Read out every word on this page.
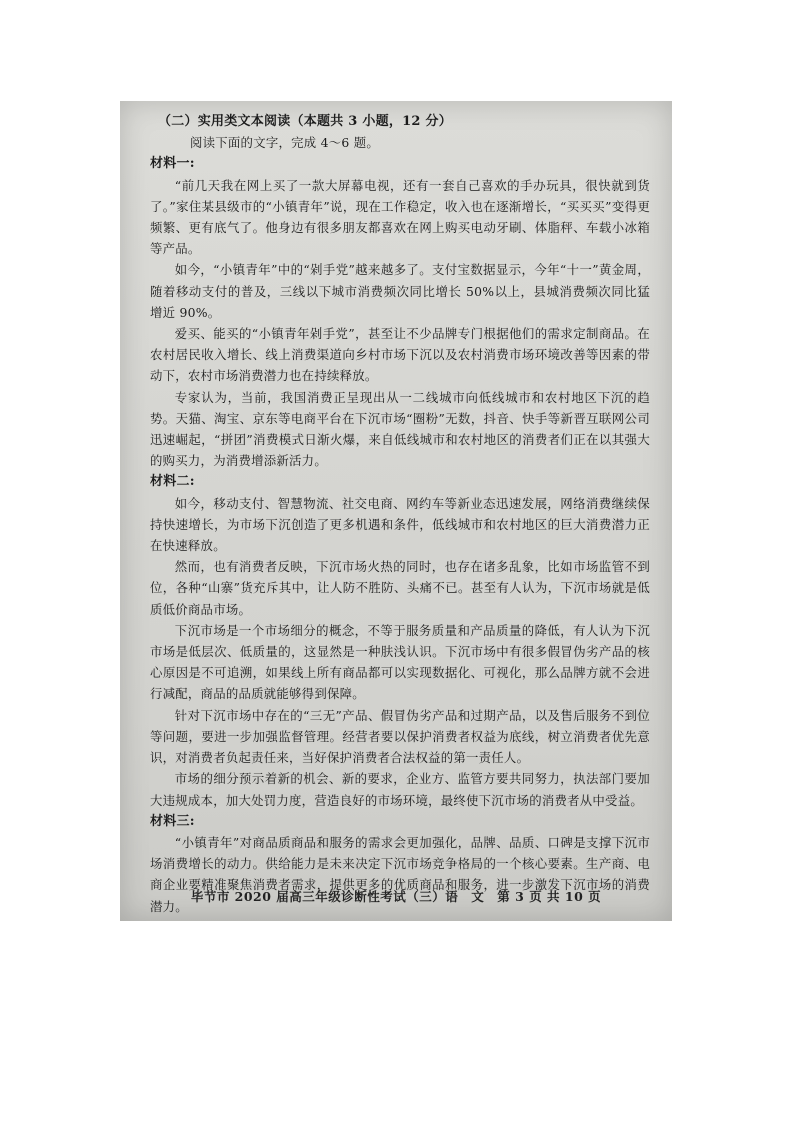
（二）实用类文本阅读（本题共 3 小题，12 分）

阅读下面的文字，完成 4～6 题。

材料一:

“前几天我在网上买了一款大屏幕电视，还有一套自己喜欢的手办玩具，很快就到货了。”家住某县级市的“小镇青年”说，现在工作稳定，收入也在逐渐增长，“买买买”变得更频繁、更有底气了。他身边有很多朋友都喜欢在网上购买电动牙刷、体脂秤、车载小冰箱等产品。

如今，“小镇青年”中的“剁手党”越来越多了。支付宝数据显示，今年“十一”黄金周，随着移动支付的普及，三线以下城市消费频次同比增长 50%以上，县城消费频次同比猛增近 90%。

爱买、能买的“小镇青年剁手党”，甚至让不少品牌专门根据他们的需求定制商品。在农村居民收入增长、线上消费渠道向乡村市场下沉以及农村消费市场环境改善等因素的带动下，农村市场消费潜力也在持续释放。

专家认为，当前，我国消费正呈现出从一二线城市向低线城市和农村地区下沉的趋势。天猫、淘宝、京东等电商平台在下沉市场“圈粉”无数，抖音、快手等新晋互联网公司迅速崛起，“拼团”消费模式日渐火爆，来自低线城市和农村地区的消费者们正在以其强大的购买力，为消费增添新活力。

材料二:

如今，移动支付、智慧物流、社交电商、网约车等新业态迅速发展，网络消费继续保持快速增长，为市场下沉创造了更多机遇和条件，低线城市和农村地区的巨大消费潜力正在快速释放。

然而，也有消费者反映，下沉市场火热的同时，也存在诸多乱象，比如市场监管不到位，各种“山寨”货充斥其中，让人防不胜防、头痛不已。甚至有人认为，下沉市场就是低质低价商品市场。

下沉市场是一个市场细分的概念，不等于服务质量和产品质量的降低，有人认为下沉市场是低层次、低质量的，这显然是一种肤浅认识。下沉市场中有很多假冒伪劣产品的核心原因是不可追溯，如果线上所有商品都可以实现数据化、可视化，那么品牌方就不会进行减配，商品的品质就能够得到保障。

针对下沉市场中存在的“三无”产品、假冒伪劣产品和过期产品，以及售后服务不到位等问题，要进一步加强监督管理。经营者要以保护消费者权益为底线，树立消费者优先意识，对消费者负起责任来，当好保护消费者合法权益的第一责任人。

市场的细分预示着新的机会、新的要求，企业方、监管方要共同努力，执法部门要加大违规成本，加大处罚力度，营造良好的市场环境，最终使下沉市场的消费者从中受益。

材料三:

“小镇青年”对商品质商品和服务的需求会更加强化，品牌、品质、口碑是支撑下沉市场消费增长的动力。供给能力是未来决定下沉市场竞争格局的一个核心要素。生产商、电商企业要精准聚焦消费者需求，提供更多的优质商品和服务，进一步激发下沉市场的消费潜力。

毕节市 2020 届高三年级诊断性考试（三）语　文　第 3 页 共 10 页
